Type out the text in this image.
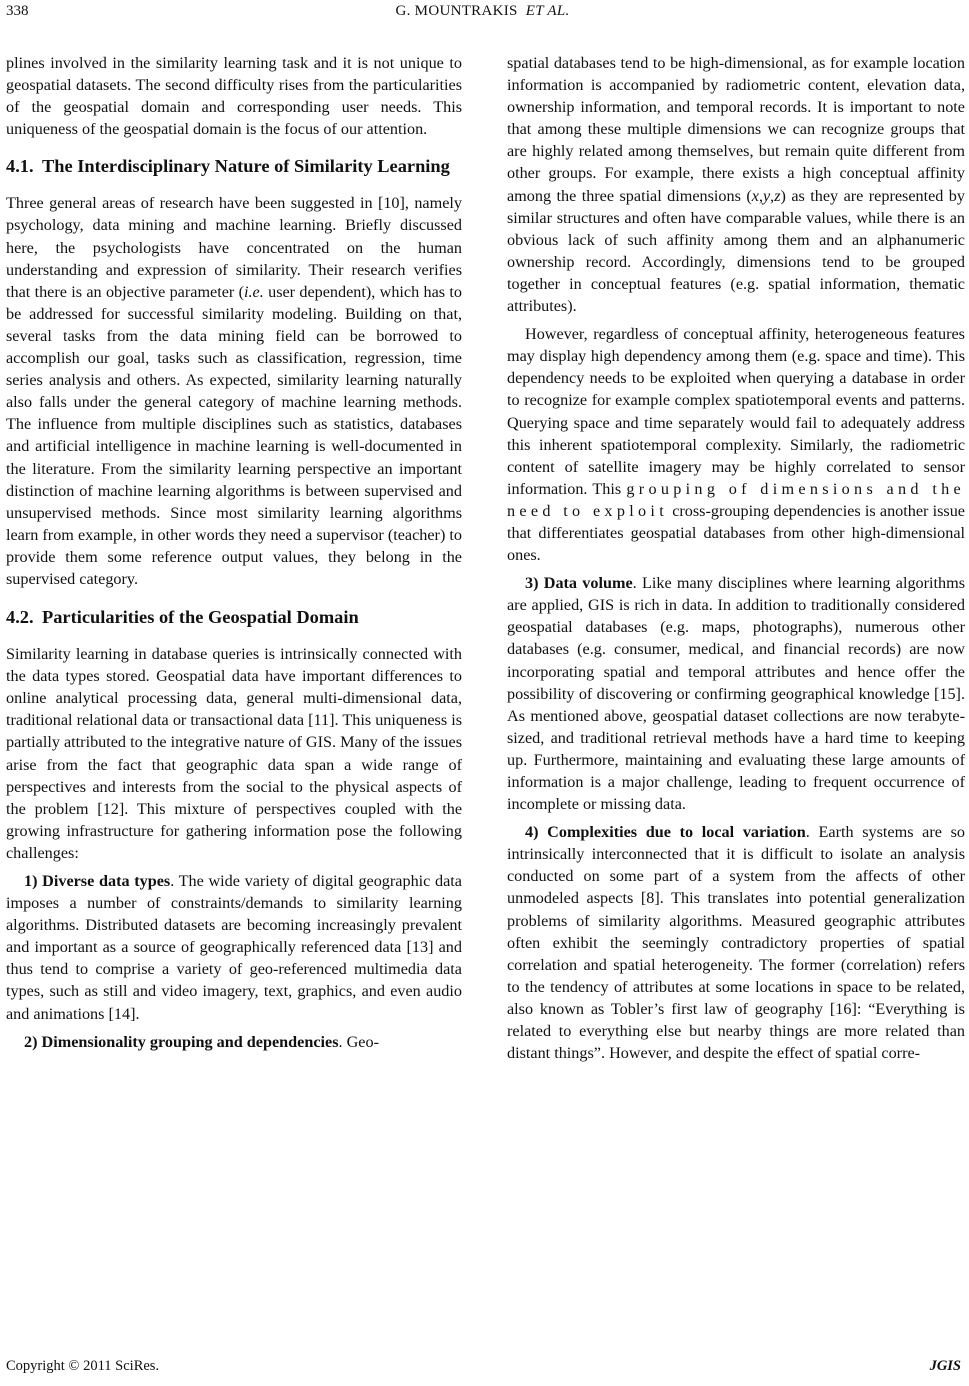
338	G. MOUNTRAKIS ET AL.

plines involved in the similarity learning task and it is not unique to geospatial datasets. The second difficulty rises from the particularities of the geospatial domain and corresponding user needs. This uniqueness of the geospatial domain is the focus of our attention.

4.1. The Interdisciplinary Nature of Similarity Learning

Three general areas of research have been suggested in [10], namely psychology, data mining and machine learning. Briefly discussed here, the psychologists have concentrated on the human understanding and expression of similarity. Their research verifies that there is an objective parameter (i.e. user dependent), which has to be addressed for successful similarity modeling. Building on that, several tasks from the data mining field can be borrowed to accomplish our goal, tasks such as classification, regression, time series analysis and others. As expected, similarity learning naturally also falls under the general category of machine learning methods. The influence from multiple disciplines such as statistics, databases and artificial intelligence in machine learning is well-documented in the literature. From the similarity learning perspective an important distinction of machine learning algorithms is between supervised and unsupervised methods. Since most similarity learning algorithms learn from example, in other words they need a supervisor (teacher) to provide them some reference output values, they belong in the supervised category.

4.2. Particularities of the Geospatial Domain

Similarity learning in database queries is intrinsically connected with the data types stored. Geospatial data have important differences to online analytical processing data, general multi-dimensional data, traditional relational data or transactional data [11]. This uniqueness is partially attributed to the integrative nature of GIS. Many of the issues arise from the fact that geographic data span a wide range of perspectives and interests from the social to the physical aspects of the problem [12]. This mixture of perspectives coupled with the growing infrastructure for gathering information pose the following challenges:

1) Diverse data types. The wide variety of digital geographic data imposes a number of constraints/demands to similarity learning algorithms. Distributed datasets are becoming increasingly prevalent and important as a source of geographically referenced data [13] and thus tend to comprise a variety of geo-referenced multimedia data types, such as still and video imagery, text, graphics, and even audio and animations [14].

2) Dimensionality grouping and dependencies. Geo-

spatial databases tend to be high-dimensional, as for example location information is accompanied by radiometric content, elevation data, ownership information, and temporal records. It is important to note that among these multiple dimensions we can recognize groups that are highly related among themselves, but remain quite different from other groups. For example, there exists a high conceptual affinity among the three spatial dimensions (x,y,z) as they are represented by similar structures and often have comparable values, while there is an obvious lack of such affinity among them and an alphanumeric ownership record. Accordingly, dimensions tend to be grouped together in conceptual features (e.g. spatial information, thematic attributes).

However, regardless of conceptual affinity, heterogeneous features may display high dependency among them (e.g. space and time). This dependency needs to be exploited when querying a database in order to recognize for example complex spatiotemporal events and patterns. Querying space and time separately would fail to adequately address this inherent spatiotemporal complexity. Similarly, the radiometric content of satellite imagery may be highly correlated to sensor information. This grouping of dimensions and the need to exploit cross-grouping dependencies is another issue that differentiates geospatial databases from other high-dimensional ones.

3) Data volume. Like many disciplines where learning algorithms are applied, GIS is rich in data. In addition to traditionally considered geospatial databases (e.g. maps, photographs), numerous other databases (e.g. consumer, medical, and financial records) are now incorporating spatial and temporal attributes and hence offer the possibility of discovering or confirming geographical knowledge [15]. As mentioned above, geospatial dataset collections are now terabyte-sized, and traditional retrieval methods have a hard time to keeping up. Furthermore, maintaining and evaluating these large amounts of information is a major challenge, leading to frequent occurrence of incomplete or missing data.

4) Complexities due to local variation. Earth systems are so intrinsically interconnected that it is difficult to isolate an analysis conducted on some part of a system from the affects of other unmodeled aspects [8]. This translates into potential generalization problems of similarity algorithms. Measured geographic attributes often exhibit the seemingly contradictory properties of spatial correlation and spatial heterogeneity. The former (correlation) refers to the tendency of attributes at some locations in space to be related, also known as Tobler’s first law of geography [16]: “Everything is related to everything else but nearby things are more related than distant things”. However, and despite the effect of spatial corre-

Copyright © 2011 SciRes.	JGIS
